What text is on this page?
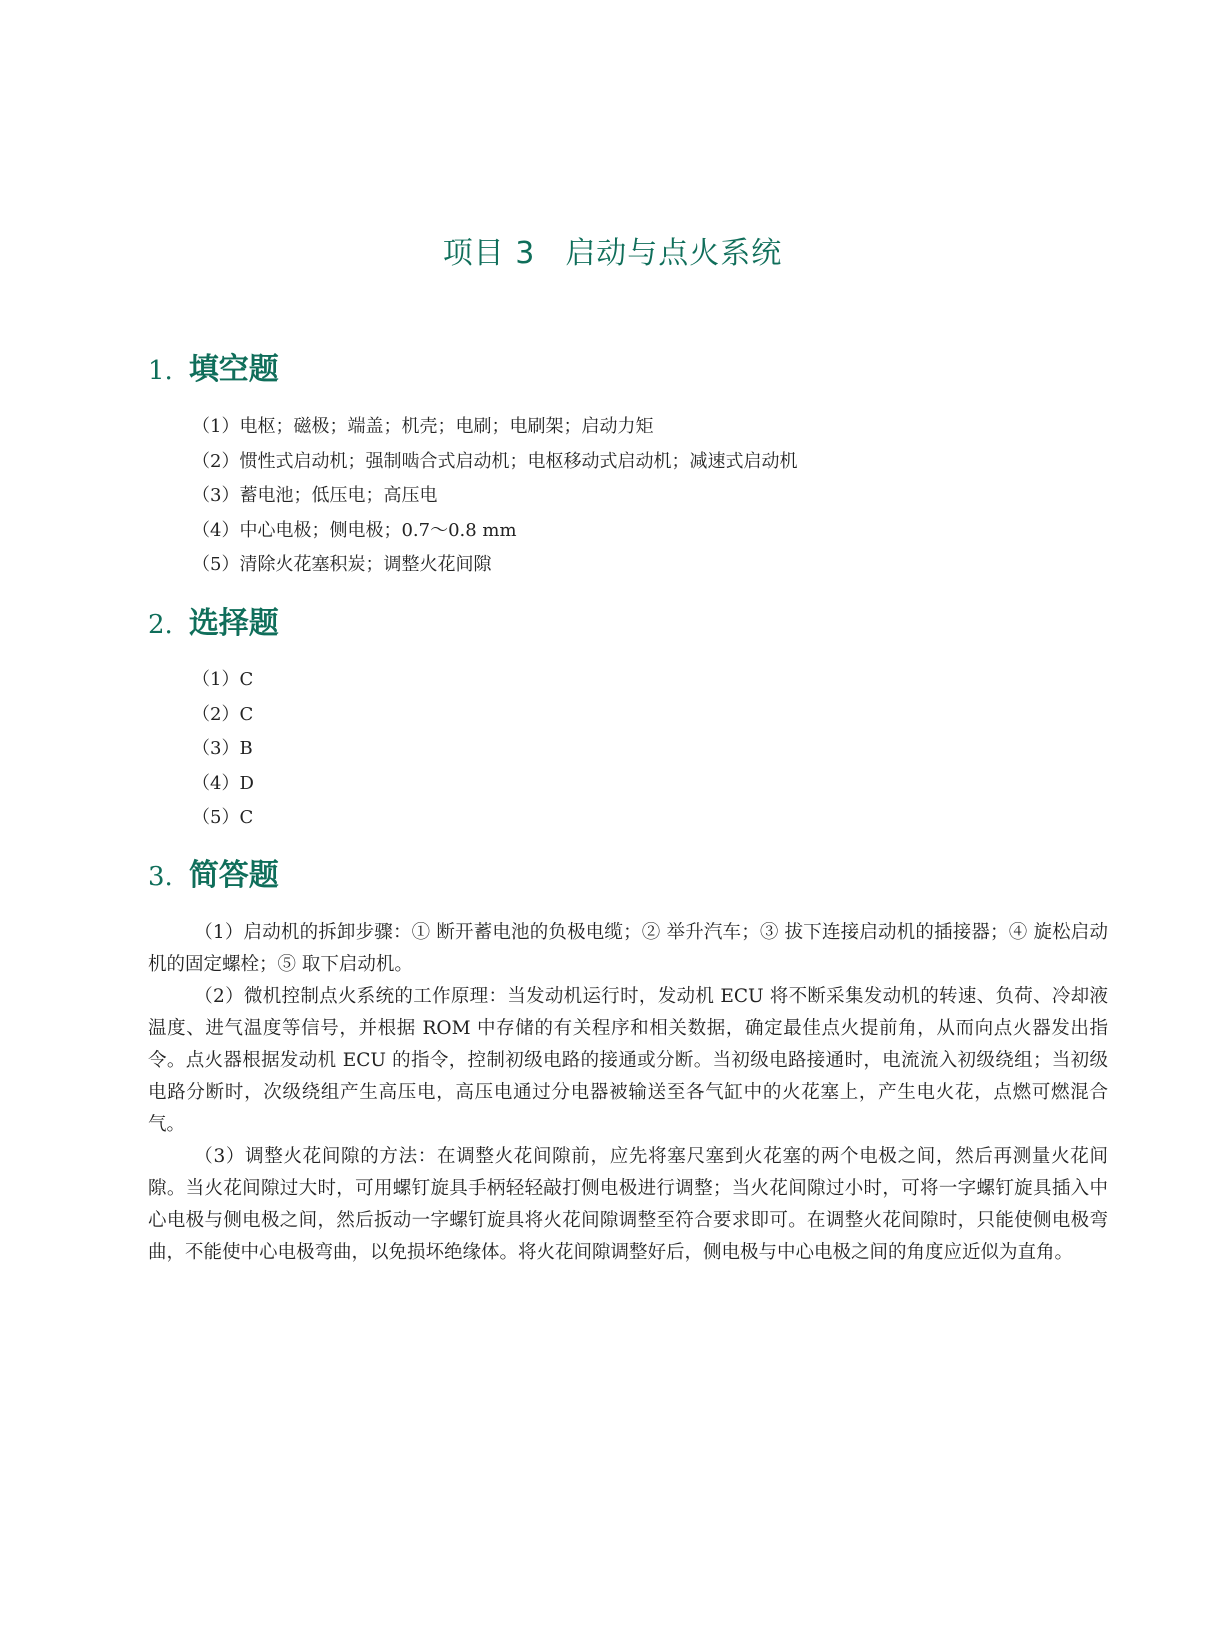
项目 3 启动与点火系统
1. 填空题
（1）电枢；磁极；端盖；机壳；电刷；电刷架；启动力矩
（2）惯性式启动机；强制啮合式启动机；电枢移动式启动机；减速式启动机
（3）蓄电池；低压电；高压电
（4）中心电极；侧电极；0.7～0.8 mm
（5）清除火花塞积炭；调整火花间隙
2. 选择题
（1）C
（2）C
（3）B
（4）D
（5）C
3. 简答题

（1）启动机的拆卸步骤：① 断开蓄电池的负极电缆；② 举升汽车；③ 拔下连接启动机的插接器；④ 旋松启动机的固定螺栓；⑤ 取下启动机。

（2）微机控制点火系统的工作原理：当发动机运行时，发动机 ECU 将不断采集发动机的转速、负荷、冷却液温度、进气温度等信号，并根据 ROM 中存储的有关程序和相关数据，确定最佳点火提前角，从而向点火器发出指令。点火器根据发动机 ECU 的指令，控制初级电路的接通或分断。当初级电路接通时，电流流入初级绕组；当初级电路分断时，次级绕组产生高压电，高压电通过分电器被输送至各气缸中的火花塞上，产生电火花，点燃可燃混合气。

（3）调整火花间隙的方法：在调整火花间隙前，应先将塞尺塞到火花塞的两个电极之间，然后再测量火花间隙。当火花间隙过大时，可用螺钉旋具手柄轻轻敲打侧电极进行调整；当火花间隙过小时，可将一字螺钉旋具插入中心电极与侧电极之间，然后扳动一字螺钉旋具将火花间隙调整至符合要求即可。在调整火花间隙时，只能使侧电极弯曲，不能使中心电极弯曲，以免损坏绝缘体。将火花间隙调整好后，侧电极与中心电极之间的角度应近似为直角。
